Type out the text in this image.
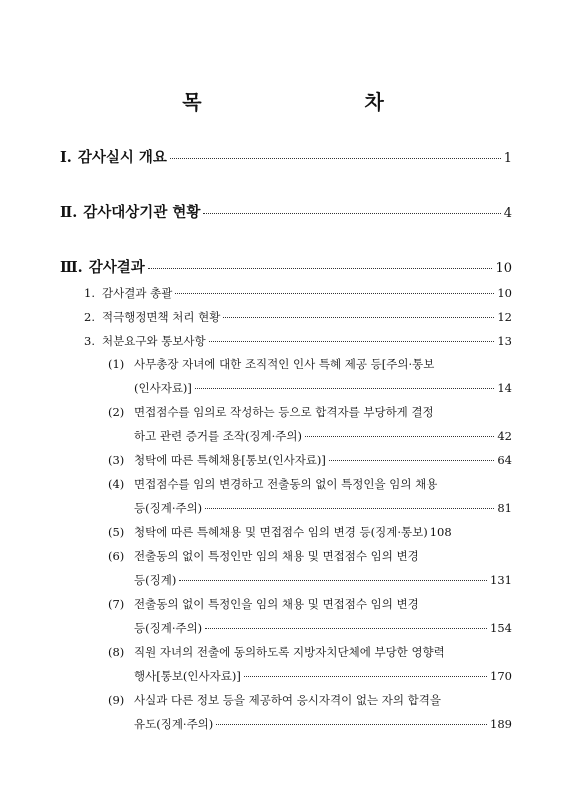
목 차
Ⅰ. 감사실시 개요	1
Ⅱ. 감사대상기관 현황	4
Ⅲ. 감사결과	10
1. 감사결과 총괄	10
2. 적극행정면책 처리 현황	12
3. 처분요구와 통보사항	13
(1) 사무총장 자녀에 대한 조직적인 인사 특혜 제공 등[주의·통보
(인사자료)]	14
(2) 면접점수를 임의로 작성하는 등으로 합격자를 부당하게 결정
하고 관련 증거를 조작(징계·주의)	42
(3) 청탁에 따른 특혜채용[통보(인사자료)]	64
(4) 면접점수를 임의 변경하고 전출동의 없이 특정인을 임의 채용
등(징계·주의)	81
(5) 청탁에 따른 특혜채용 및 면접점수 임의 변경 등(징계·통보) 108
(6) 전출동의 없이 특정인만 임의 채용 및 면접점수 임의 변경
등(징계)	131
(7) 전출동의 없이 특정인을 임의 채용 및 면접점수 임의 변경
등(징계·주의)	154
(8) 직원 자녀의 전출에 동의하도록 지방자치단체에 부당한 영향력
행사[통보(인사자료)]	170
(9) 사실과 다른 정보 등을 제공하여 응시자격이 없는 자의 합격을
유도(징계·주의)	189
